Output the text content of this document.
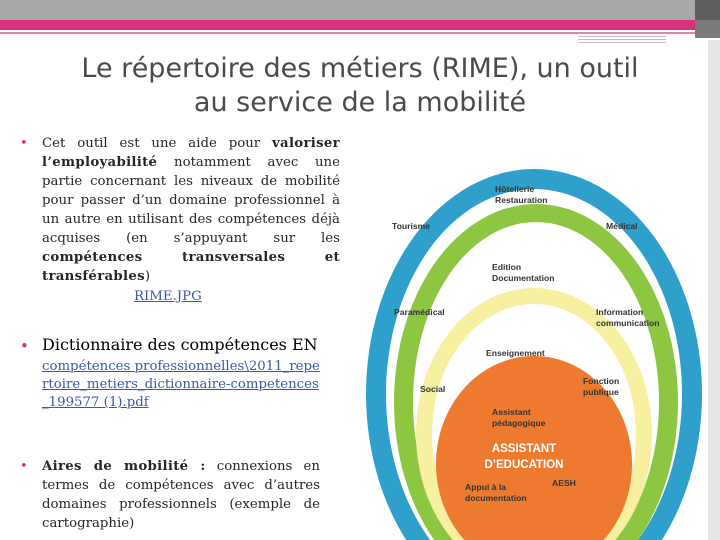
Le répertoire des métiers (RIME), un outil
au service de la mobilité
• Cet outil est une aide pour valoriser l’employabilité notamment avec une partie concernant les niveaux de mobilité pour passer d’un domaine professionnel à un autre en utilisant des compétences déjà acquises (en s’appuyant sur les compétences transversales et transférables)
RIME.JPG
• Dictionnaire des compétences EN
compétences professionnelles\2011_repertoire_metiers_dictionnaire-competences_199577 (1).pdf
• Aires de mobilité : connexions en termes de compétences avec d’autres domaines professionnels (exemple de cartographie)
Hôtellerie
Restauration
Tourisme	Médical
Edition
Documentation
Paramédical	Information
communication
Enseignement
Social
Fonction
publique
Assistant
pédagogique
ASSISTANT
D’EDUCATION
Appui à la
documentation
AESH
